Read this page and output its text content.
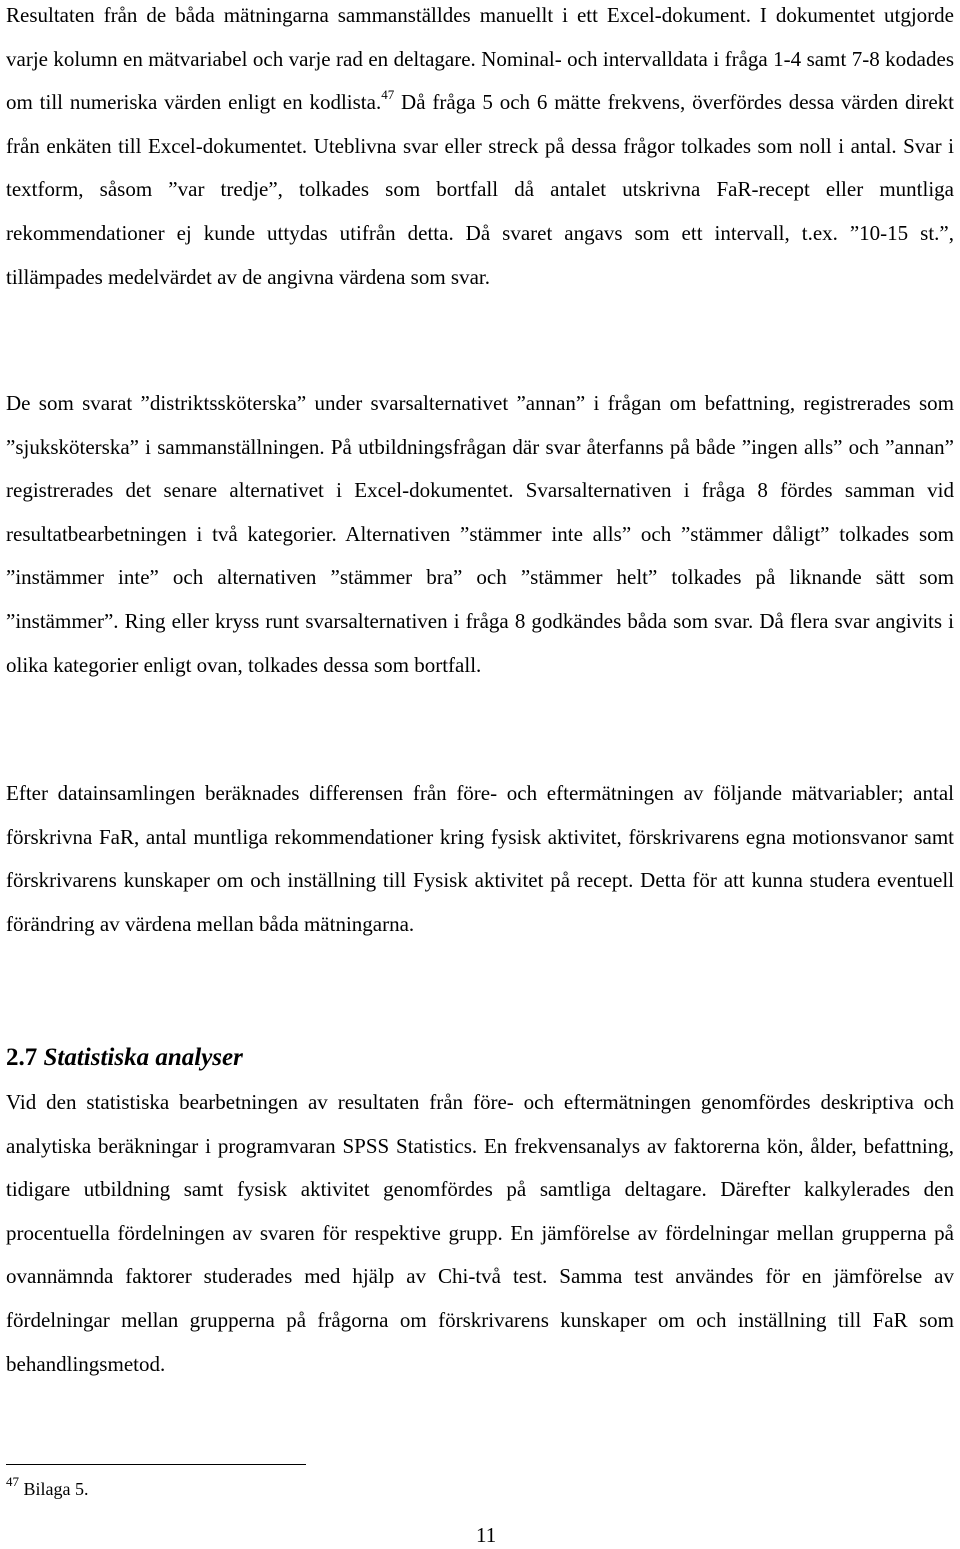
Resultaten från de båda mätningarna sammanställdes manuellt i ett Excel-dokument. I dokumentet utgjorde varje kolumn en mätvariabel och varje rad en deltagare. Nominal- och intervalldata i fråga 1-4 samt 7-8 kodades om till numeriska värden enligt en kodlista.$^{47}$ Då fråga 5 och 6 mätte frekvens, överfördes dessa värden direkt från enkäten till Excel-dokumentet. Uteblivna svar eller streck på dessa frågor tolkades som noll i antal. Svar i textform, såsom ”var tredje”, tolkades som bortfall då antalet utskrivna FaR-recept eller muntliga rekommendationer ej kunde uttydas utifrån detta. Då svaret angavs som ett intervall, t.ex. ”10-15 st.”, tillämpades medelvärdet av de angivna värdena som svar.

De som svarat ”distriktssköterska” under svarsalternativet ”annan” i frågan om befattning, registrerades som ”sjuksköterska” i sammanställningen. På utbildningsfrågan där svar återfanns på både ”ingen alls” och ”annan” registrerades det senare alternativet i Excel-dokumentet. Svarsalternativen i fråga 8 fördes samman vid resultatbearbetningen i två kategorier. Alternativen ”stämmer inte alls” och ”stämmer dåligt” tolkades som ”instämmer inte” och alternativen ”stämmer bra” och ”stämmer helt” tolkades på liknande sätt som ”instämmer”. Ring eller kryss runt svarsalternativen i fråga 8 godkändes båda som svar. Då flera svar angivits i olika kategorier enligt ovan, tolkades dessa som bortfall.

Efter datainsamlingen beräknades differensen från före- och eftermätningen av följande mätvariabler; antal förskrivna FaR, antal muntliga rekommendationer kring fysisk aktivitet, förskrivarens egna motionsvanor samt förskrivarens kunskaper om och inställning till Fysisk aktivitet på recept. Detta för att kunna studera eventuell förändring av värdena mellan båda mätningarna.

2.7 Statistiska analyser

Vid den statistiska bearbetningen av resultaten från före- och eftermätningen genomfördes deskriptiva och analytiska beräkningar i programvaran SPSS Statistics. En frekvensanalys av faktorerna kön, ålder, befattning, tidigare utbildning samt fysisk aktivitet genomfördes på samtliga deltagare. Därefter kalkylerades den procentuella fördelningen av svaren för respektive grupp. En jämförelse av fördelningar mellan grupperna på ovannämnda faktorer studerades med hjälp av Chi-två test. Samma test användes för en jämförelse av fördelningar mellan grupperna på frågorna om förskrivarens kunskaper om och inställning till FaR som behandlingsmetod.

$^{47}$ Bilaga 5.

11
